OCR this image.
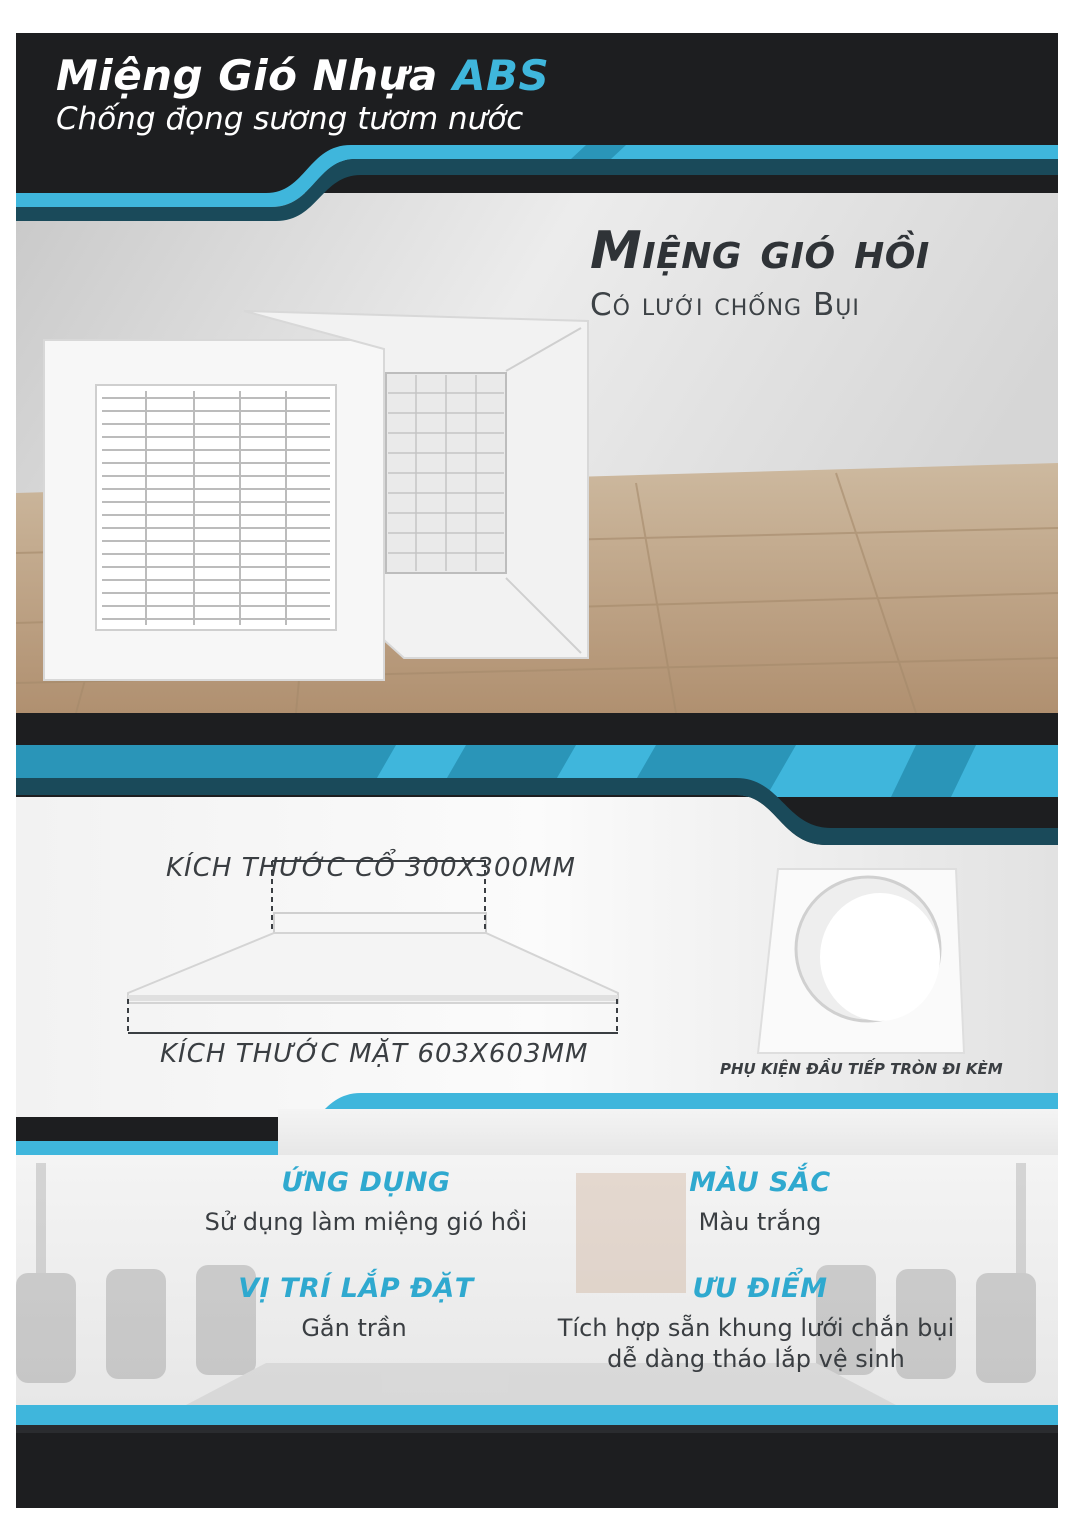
Miệng Gió Nhựa ABS
Chống đọng sương tươm nước
Miệng gió hồi
Có lưới chống Bụi
KÍCH THƯỚC CỔ 300X300MM
KÍCH THƯỚC MẶT 603X603MM	PHỤ KIỆN ĐẦU TIẾP TRÒN ĐI KÈM
ỨNG DỤNG
Sử dụng làm miệng gió hồi
MÀU SẮC
Màu trắng
VỊ TRÍ LẮP ĐẶT
Gắn trần
ƯU ĐIỂM
Tích hợp sẵn khung lưới chắn bụi
dễ dàng tháo lắp vệ sinh
